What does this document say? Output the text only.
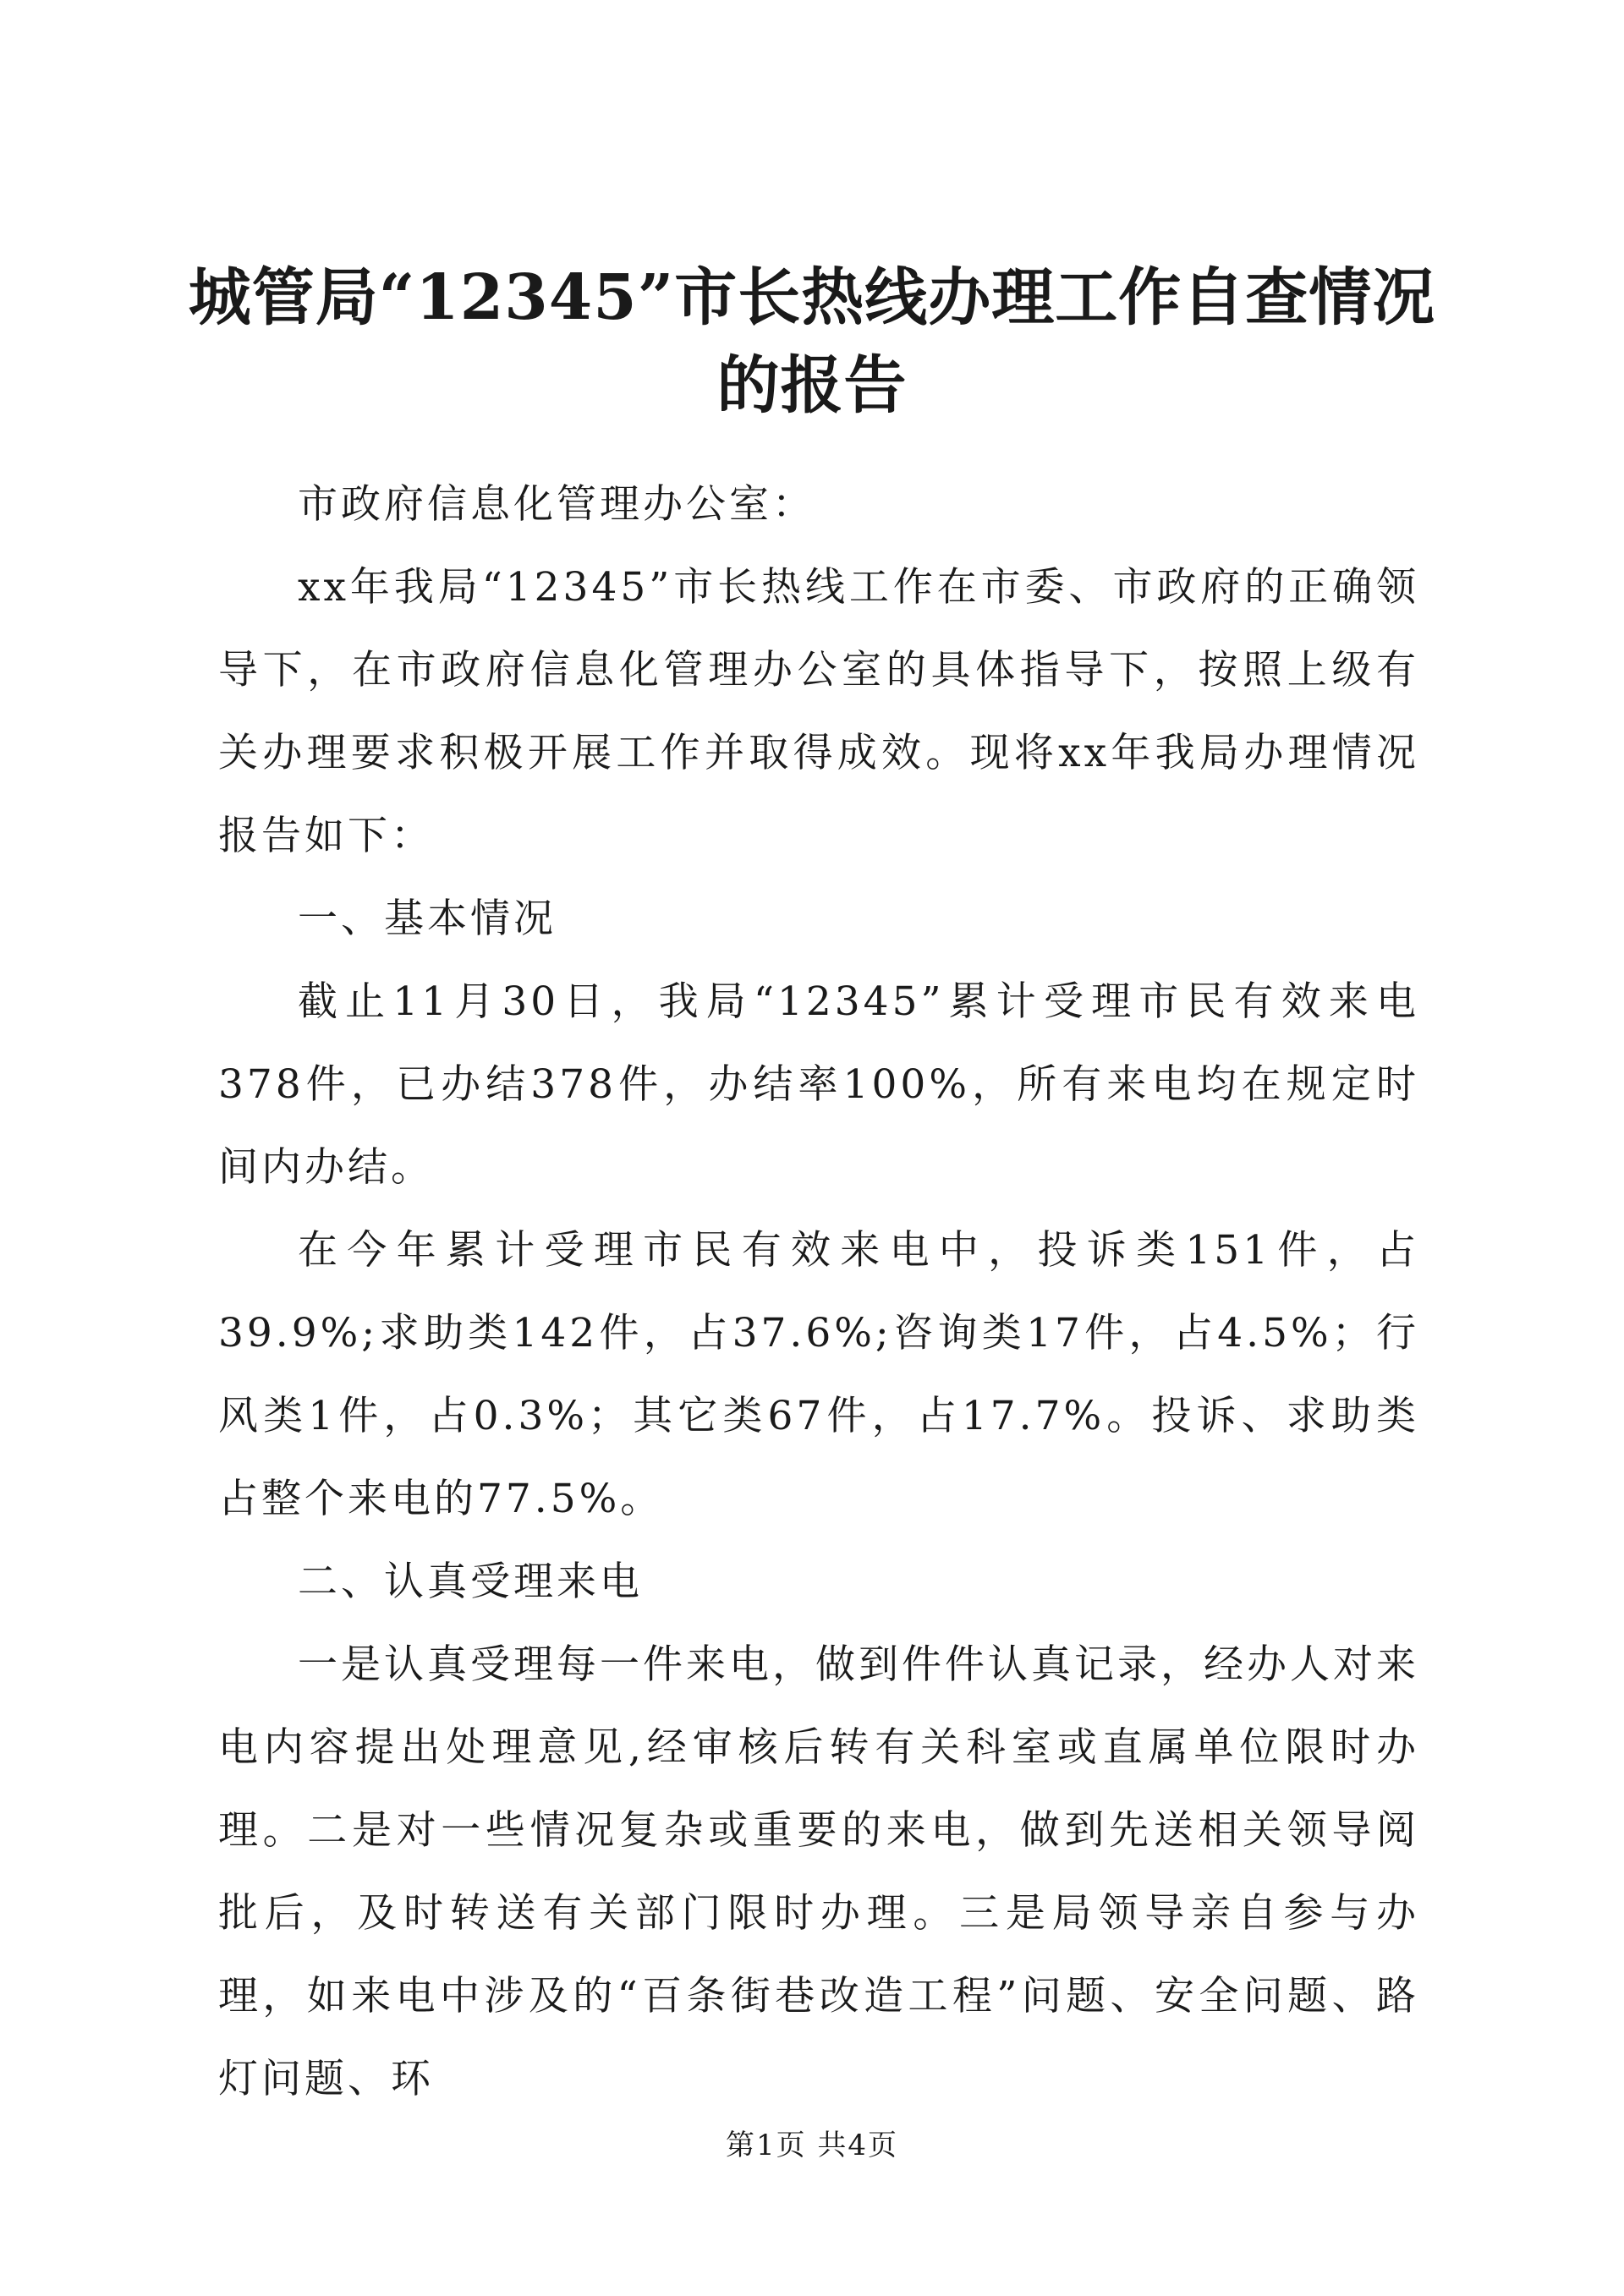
城管局“12345”市长热线办理工作自查情况
的报告

市政府信息化管理办公室：

xx年我局“12345”市长热线工作在市委、市政府的正确领导下，在市政府信息化管理办公室的具体指导下，按照上级有关办理要求积极开展工作并取得成效。现将xx年我局办理情况报告如下：

一、基本情况

截止11月30日，我局“12345”累计受理市民有效来电378件，已办结378件，办结率100%，所有来电均在规定时间内办结。

在今年累计受理市民有效来电中，投诉类151件，占39.9%;求助类142件，占37.6%;咨询类17件，占4.5%；行风类1件，占0.3%；其它类67件，占17.7%。投诉、求助类占整个来电的77.5%。

二、认真受理来电

一是认真受理每一件来电，做到件件认真记录，经办人对来电内容提出处理意见,经审核后转有关科室或直属单位限时办理。二是对一些情况复杂或重要的来电，做到先送相关领导阅批后，及时转送有关部门限时办理。三是局领导亲自参与办理，如来电中涉及的“百条街巷改造工程”问题、安全问题、路灯问题、环

第1页 共4页
